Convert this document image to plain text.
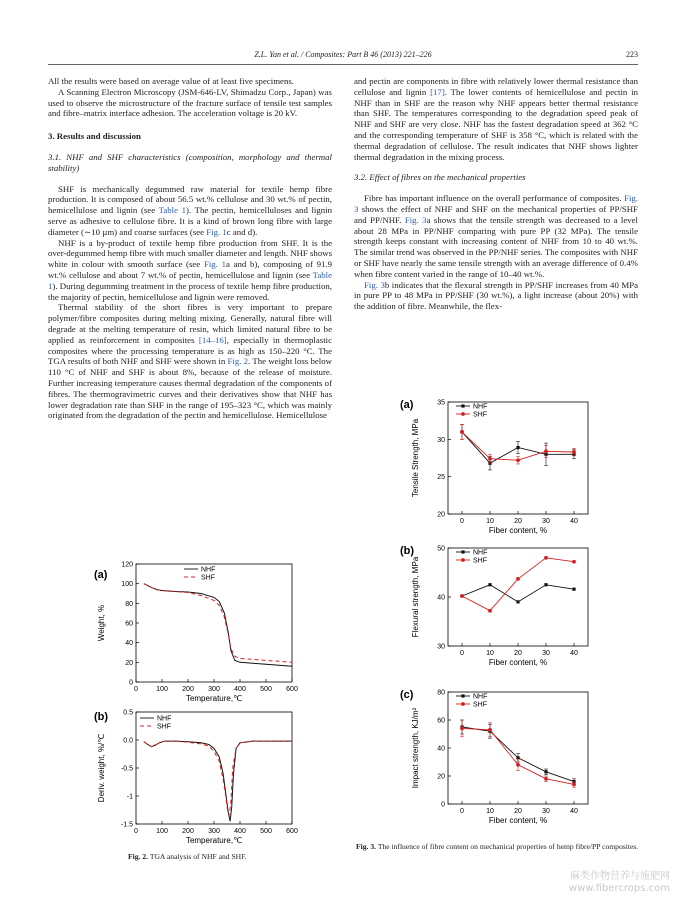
Z.L. Yan et al. / Composites: Part B 46 (2013) 221–226	223

All the results were based on average value of at least five specimens.

A Scanning Electron Microscopy (JSM-646-LV, Shimadzu Corp., Japan) was used to observe the microstructure of the fracture surface of tensile test samples and fibre–matrix interface adhesion. The acceleration voltage is 20 kV.

3. Results and discussion
3.1. NHF and SHF characteristics (composition, morphology and thermal stability)

SHF is mechanically degummed raw material for textile hemp fibre production. It is composed of about 56.5 wt.% cellulose and 30 wt.% of pectin, hemicellulose and lignin (see Table 1). The pectin, hemicelluloses and lignin serve as adhesive to cellulose fibre. It is a kind of brown long fibre with large diameter (∼10 µm) and coarse surfaces (see Fig. 1c and d).

NHF is a by-product of textile hemp fibre production from SHF. It is the over-degummed hemp fibre with much smaller diameter and length. NHF shows white in colour with smooth surface (see Fig. 1a and b), composing of 91.9 wt.% cellulose and about 7 wt.% of pectin, hemicellulose and lignin (see Table 1). During degumming treatment in the process of textile hemp fibre production, the majority of pectin, hemicellulose and lignin were removed.

Thermal stability of the short fibres is very important to prepare polymer/fibre composites during melting mixing. Generally, natural fibre will degrade at the melting temperature of resin, which limited natural fibre to be applied as reinforcement in composites [14–16], especially in thermoplastic composites where the processing temperature is as high as 150–220 °C. The TGA results of both NHF and SHF were shown in Fig. 2. The weight loss below 110 °C of NHF and SHF is about 8%, because of the release of moisture. Further increasing temperature causes thermal degradation of the components of fibres. The thermogravimetric curves and their derivatives show that NHF has lower degradation rate than SHF in the range of 195–323 °C, which was mainly originated from the degradation of the pectin and hemicellulose. Hemicellulose

and pectin are components in fibre with relatively lower thermal resistance than cellulose and lignin [17]. The lower contents of hemicellulose and pectin in NHF than in SHF are the reason why NHF appears better thermal resistance than SHF. The temperatures corresponding to the degradation speed peak of NHF and SHF are very close. NHF has the fastest degradation speed at 362 °C and the corresponding temperature of SHF is 358 °C, which is related with the thermal degradation of cellulose. The result indicates that NHF shows lighter thermal degradation in the mixing process.

3.2. Effect of fibres on the mechanical properties

Fibre has important influence on the overall performance of composites. Fig. 3 shows the effect of NHF and SHF on the mechanical properties of PP/SHF and PP/NHF. Fig. 3a shows that the tensile strength was decreased to a level about 28 MPa in PP/NHF comparing with pure PP (32 MPa). The tensile strength keeps constant with increasing content of NHF from 10 to 40 wt.%. The similar trend was observed in the PP/NHF series. The composites with NHF or SHF have nearly the same tensile strength with an average difference of 0.4% when fibre content varied in the range of 10–40 wt.%.

Fig. 3b indicates that the flexural strength in PP/SHF increases from 40 MPa in pure PP to 48 MPa in PP/SHF (30 wt.%), a light increase (about 20%) with the addition of fibre. Meanwhile, the flex-

0	100 200 300 400 500 600
0
20
40
60
80
100
120
Temperature,℃
Weight, %
(a)	NHF
SHF
0	100 200 300 400 500 600
-1.5
-1
-0.5
0.0
0.5
Temperature,℃
Deriv. weight, %/℃
(b)	NHF
SHF
Fig. 2. TGA analysis of NHF and SHF.
0	10	20	30	40
20
25
30
35
Fiber content, %
Tensile Strength, MPa
(a)	NHF
SHF
0	10	20	30	40
30
40
50
Fiber content, %
Flexural strength, MPa
(b)	NHF
SHF
0	10	20	30	40
0
20
40
60
80
Fiber content, %
Impact strength, KJ/m²
(c)	NHF
SHF
Fig. 3. The influence of fibre content on mechanical properties of hemp fibre/PP composites.
麻类作物营养与施肥网
www.fibercrops.com
